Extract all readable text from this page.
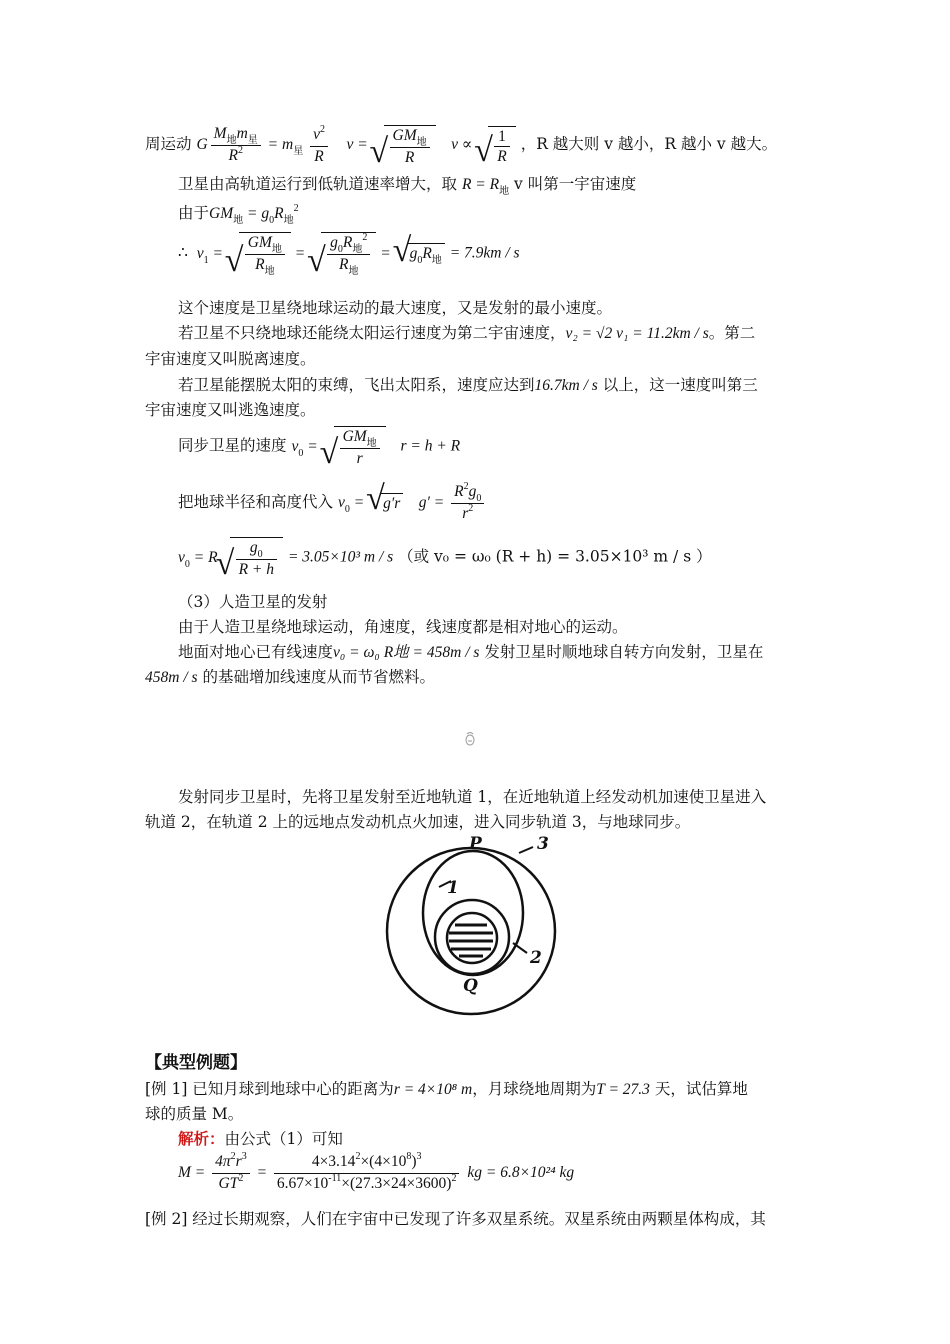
周运动 G $\frac{M_地m_星}{R^2} = m_星 \frac{v^2}{R}$ v = √ $\frac{GM_地}{R}$ v ∝ √ $\frac{1}{R}$ ，R 越大则 v 越小，R 越小 v 越大。
卫星由高轨道运行到低轨道速率增大，取 $R = R_地$ v 叫第一宇宙速度
由于$GM_地 = g_0R_地^2$
∴  $v_1$ = √ $\frac{GM_地}{R_地}$ = √ $\frac{g_0R_地^2}{R_地}$ = √ $g_0R_地 = 7.9km / s$
这个速度是卫星绕地球运动的最大速度，又是发射的最小速度。
若卫星不只绕地球还能绕太阳运行速度为第二宇宙速度，v₂ = √2 v₁ = 11.2km / s。第二
宇宙速度又叫脱离速度。
若卫星能摆脱太阳的束缚，飞出太阳系，速度应达到16.7km / s 以上，这一速度叫第三
宇宙速度又叫逃逸速度。
同步卫星的速度 $v_0$ = √ $\frac{GM_地}{r}$ r = h + R
把地球半径和高度代入 $v_0$ = √ g′r    $g' = \frac{R^2g_0}{r^2}$
$v_0 = R$ √ $\frac{g_0}{R + h} = 3.05\times 10^3$ m / s （或 v₀ = ω₀ (R + h) = 3.05×10³ m / s ）
（3）人造卫星的发射
由于人造卫星绕地球运动，角速度，线速度都是相对地心的运动。
地面对地心已有线速度v₀ = ω₀ R地 = 458m / s 发射卫星时顺地球自转方向发射，卫星在
458m / s 的基础增加线速度从而节省燃料。
发射同步卫星时，先将卫星发射至近地轨道 1，在近地轨道上经发动机加速使卫星进入
轨道 2，在轨道 2 上的远地点发动机点火加速，进入同步轨道 3，与地球同步。
P	3
1
2
Q
【典型例题】
[例 1] 已知月球到地球中心的距离为r = 4×10⁸ m，月球绕地周期为T = 27.3 天，试估算地
球的质量 M。
解析：由公式（1）可知
$M = \frac{4\pi^2r^3}{GT^2} = \frac{4\times 3.14^2\times(4\times 10^8)^3}{6.67\times 10^{-11}\times(27.3\times 24\times 3600)^2}$ kg = 6.8×10²⁴ kg
[例 2] 经过长期观察，人们在宇宙中已发现了许多双星系统。双星系统由两颗星体构成，其
